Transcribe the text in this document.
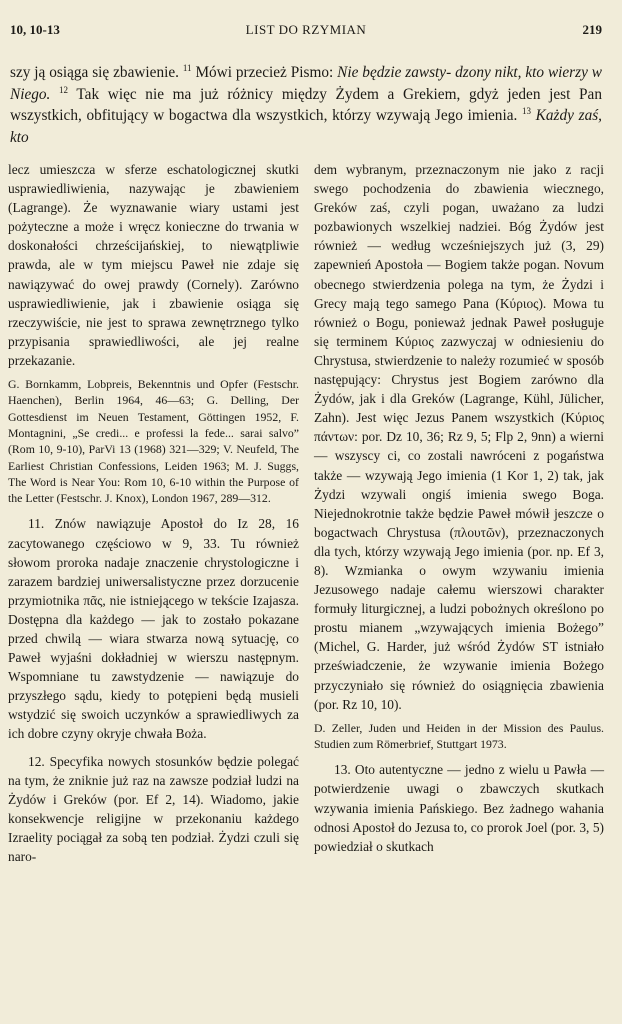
10, 10-13	LIST DO RZYMIAN	219

szy ją osiąga się zbawienie. $^{11}$ Mówi przecież Pismo: Nie będzie zawsty- dzony nikt, kto wierzy w Niego. $^{12}$ Tak więc nie ma już różnicy między Żydem a Grekiem, gdyż jeden jest Pan wszystkich, obfitujący w bogactwa dla wszystkich, którzy wzywają Jego imienia. $^{13}$ Każdy zaś, kto

lecz umieszcza w sferze eschatologicznej skutki usprawiedliwienia, nazywając je zbawieniem (Lagrange). Że wyznawanie wiary ustami jest pożyteczne a może i wręcz konieczne do trwania w doskonałości chrześcijańskiej, to niewątpliwie prawda, ale w tym miejscu Paweł nie zdaje się nawiązywać do owej prawdy (Cornely). Zarówno usprawiedliwienie, jak i zbawienie osiąga się rzeczywiście, nie jest to sprawa zewnętrznego tylko przypisania sprawiedliwości, ale jej realne przekazanie.

G. Bornkamm, Lobpreis, Bekenntnis und Opfer (Festschr. Haenchen), Berlin 1964, 46—63; G. Delling, Der Gottesdienst im Neuen Testament, Göttingen 1952, F. Montagnini, „Se credi... e professi la fede... sarai salvo” (Rom 10, 9-10), ParVi 13 (1968) 321—329; V. Neufeld, The Earliest Christian Confessions, Leiden 1963; M. J. Suggs, The Word is Near You: Rom 10, 6-10 within the Purpose of the Letter (Festschr. J. Knox), London 1967, 289—312.

11. Znów nawiązuje Apostoł do Iz 28, 16 zacytowanego częściowo w 9, 33. Tu również słowom proroka nadaje znaczenie chrystologiczne i zarazem bardziej uniwersalistyczne przez dorzucenie przymiotnika πᾶς, nie istniejącego w tekście Izajasza. Dostępna dla każdego — jak to zostało pokazane przed chwilą — wiara stwarza nową sytuację, co Paweł wyjaśni dokładniej w wierszu następnym. Wspomniane tu zawstydzenie — nawiązuje do przyszłego sądu, kiedy to potępieni będą musieli wstydzić się swoich uczynków a sprawiedliwych za ich dobre czyny okryje chwała Boża.

12. Specyfika nowych stosunków będzie polegać na tym, że zniknie już raz na zawsze podział ludzi na Żydów i Greków (por. Ef 2, 14). Wiadomo, jakie konsekwencje religijne w przekonaniu każdego Izraelity pociągał za sobą ten podział. Żydzi czuli się naro-

dem wybranym, przeznaczonym nie jako z racji swego pochodzenia do zbawienia wiecznego, Greków zaś, czyli pogan, uważano za ludzi pozbawionych wszelkiej nadziei. Bóg Żydów jest również — według wcześniejszych już (3, 29) zapewnień Apostoła — Bogiem także pogan. Novum obecnego stwierdzenia polega na tym, że Żydzi i Grecy mają tego samego Pana (Κύριος). Mowa tu również o Bogu, ponieważ jednak Paweł posługuje się terminem Κύριος zazwyczaj w odniesieniu do Chrystusa, stwierdzenie to należy rozumieć w sposób następujący: Chrystus jest Bogiem zarówno dla Żydów, jak i dla Greków (Lagrange, Kühl, Jülicher, Zahn). Jest więc Jezus Panem wszystkich (Κύριος πάντων: por. Dz 10, 36; Rz 9, 5; Flp 2, 9nn) a wierni — wszyscy ci, co zostali nawróceni z pogaństwa także — wzywają Jego imienia (1 Kor 1, 2) tak, jak Żydzi wzywali ongiś imienia swego Boga. Niejednokrotnie także będzie Paweł mówił jeszcze o bogactwach Chrystusa (πλουτῶν), przeznaczonych dla tych, którzy wzywają Jego imienia (por. np. Ef 3, 8). Wzmianka o owym wzywaniu imienia Jezusowego nadaje całemu wierszowi charakter formuły liturgicznej, a ludzi pobożnych określono po prostu mianem „wzywających imienia Bożego” (Michel, G. Harder, już wśród Żydów ST istniało przeświadczenie, że wzywanie imienia Bożego przyczyniało się również do osiągnięcia zbawienia (por. Rz 10, 10).

D. Zeller, Juden und Heiden in der Mission des Paulus. Studien zum Römerbrief, Stuttgart 1973.

13. Oto autentyczne — jedno z wielu u Pawła — potwierdzenie uwagi o zbawczych skutkach wzywania imienia Pańskiego. Bez żadnego wahania odnosi Apostoł do Jezusa to, co prorok Joel (por. 3, 5) powiedział o skutkach
